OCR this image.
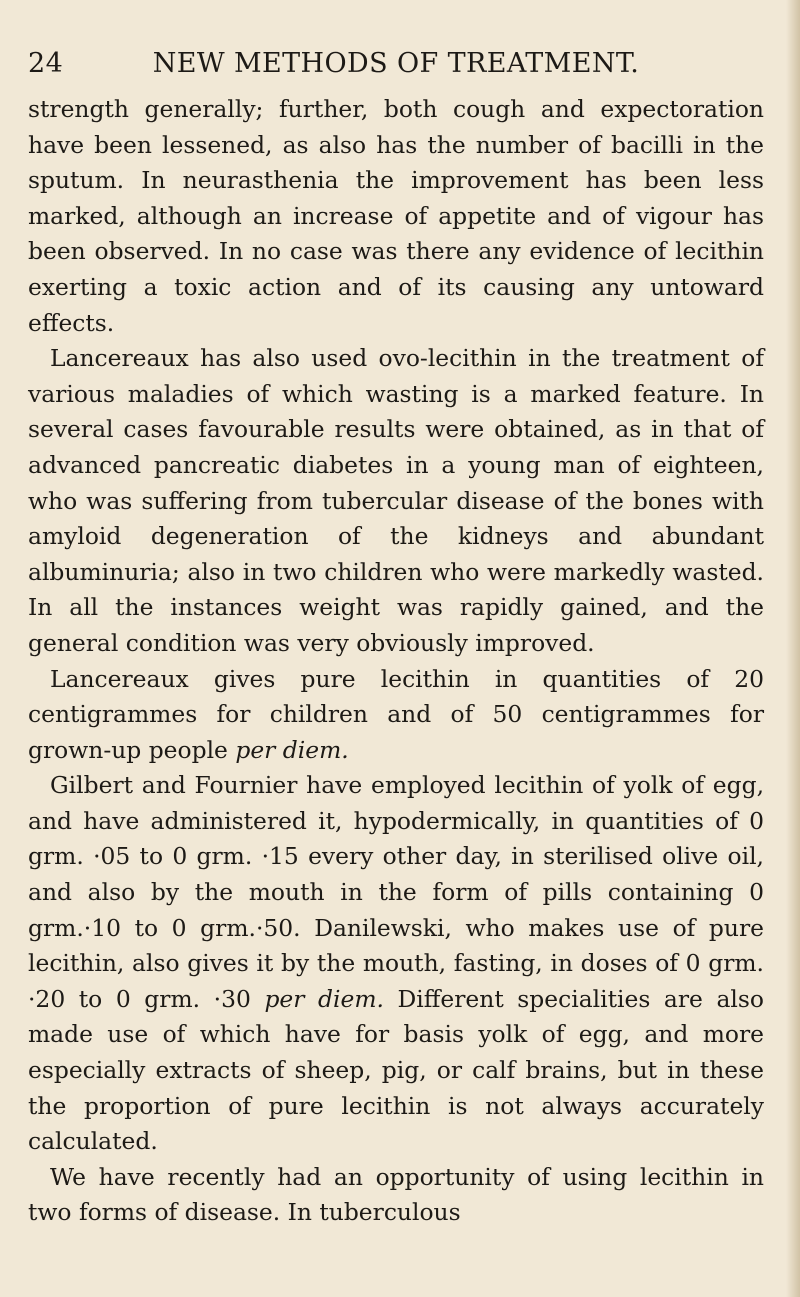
24	NEW METHODS OF TREATMENT.

strength generally; further, both cough and expectoration have been lessened, as also has the number of bacilli in the sputum. In neurasthenia the improvement has been less marked, although an increase of appetite and of vigour has been observed. In no case was there any evidence of lecithin exerting a toxic action and of its causing any untoward effects.

Lancereaux has also used ovo-lecithin in the treatment of various maladies of which wasting is a marked feature. In several cases favourable results were obtained, as in that of advanced pancreatic diabetes in a young man of eighteen, who was suffering from tubercular disease of the bones with amyloid degeneration of the kidneys and abundant albuminuria; also in two children who were markedly wasted. In all the instances weight was rapidly gained, and the general condition was very obviously improved.

Lancereaux gives pure lecithin in quantities of 20 centigrammes for children and of 50 centigrammes for grown-up people per diem.

Gilbert and Fournier have employed lecithin of yolk of egg, and have administered it, hypodermically, in quantities of 0 grm. ·05 to 0 grm. ·15 every other day, in sterilised olive oil, and also by the mouth in the form of pills containing 0 grm.·10 to 0 grm.·50. Danilewski, who makes use of pure lecithin, also gives it by the mouth, fasting, in doses of 0 grm. ·20 to 0 grm. ·30 per diem. Different specialities are also made use of which have for basis yolk of egg, and more especially extracts of sheep, pig, or calf brains, but in these the proportion of pure lecithin is not always accurately calculated.

We have recently had an opportunity of using lecithin in two forms of disease. In tuberculous
